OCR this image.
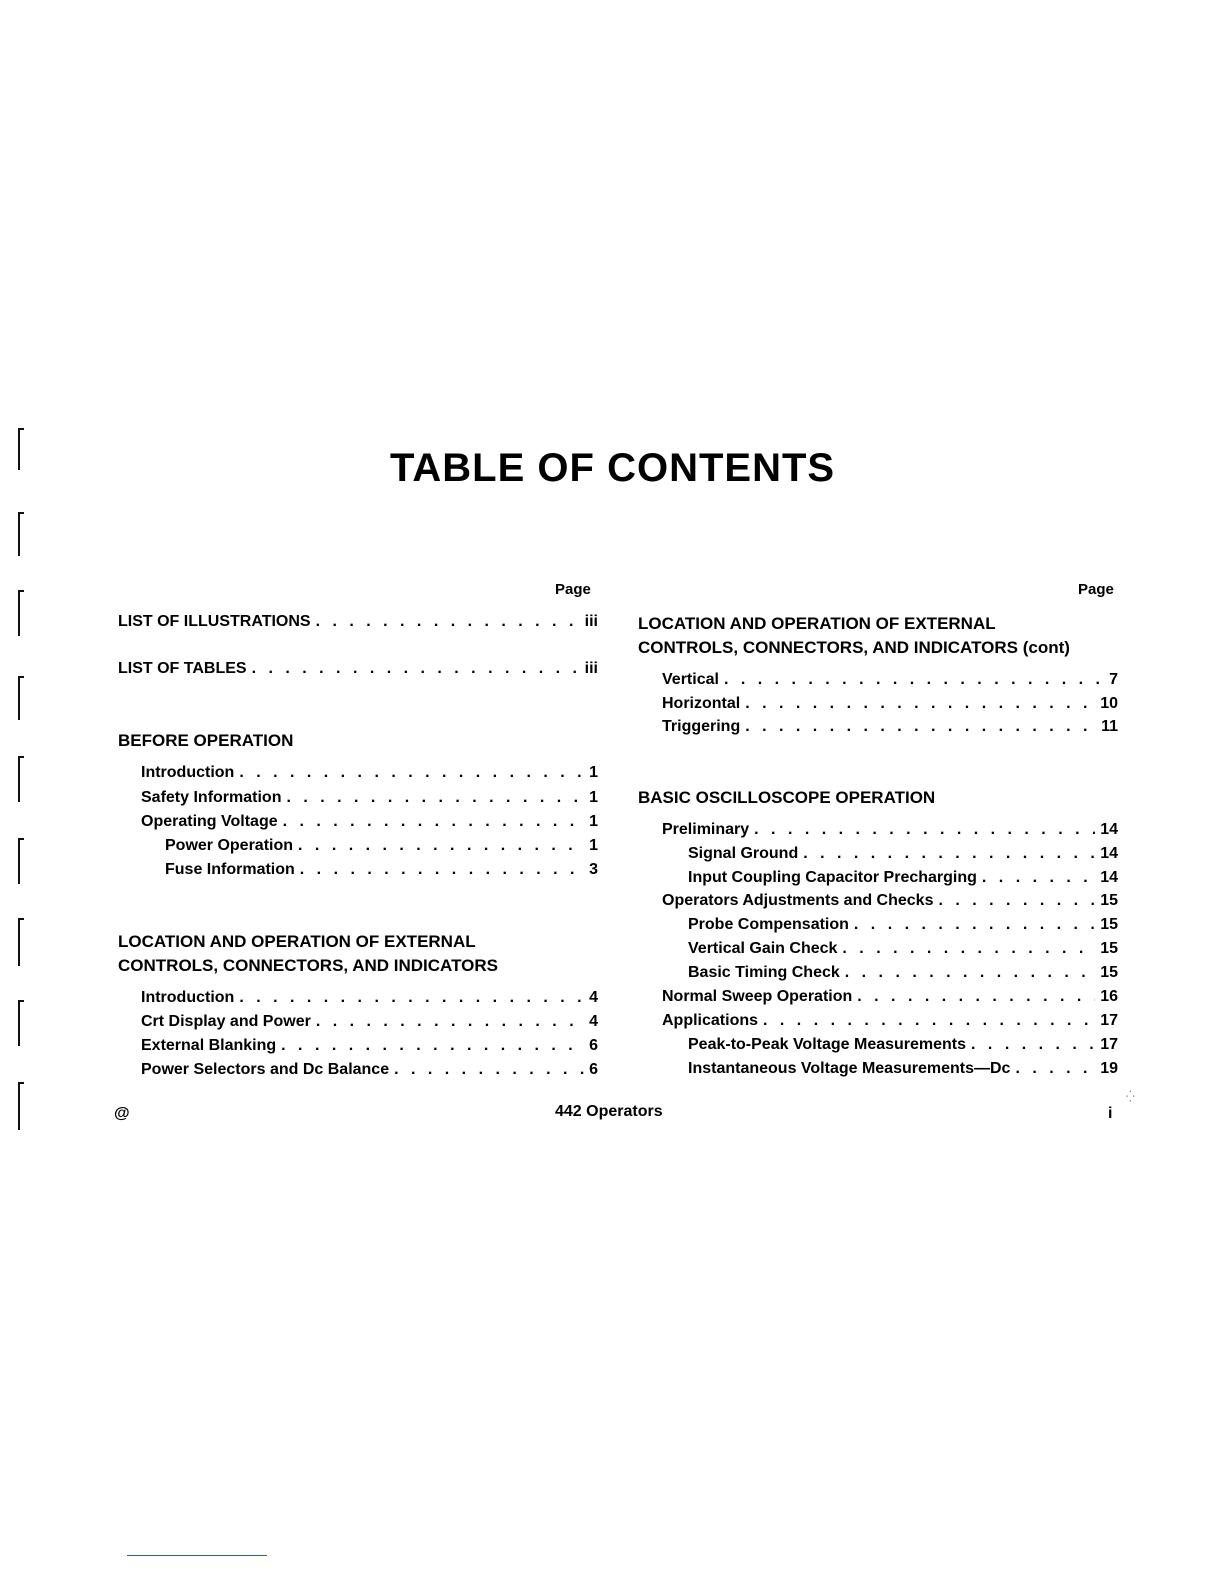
TABLE OF CONTENTS
Page	Page
LIST OF ILLUSTRATIONS . . .	iii
LIST OF TABLES . . .	iii
BEFORE OPERATION
Introduction . . .	1
Safety Information . . .	1
Operating Voltage . . .	1
Power Operation . . .	1
Fuse Information . . .	3
LOCATION AND OPERATION OF EXTERNAL
CONTROLS, CONNECTORS, AND INDICATORS
Introduction . . .	4
Crt Display and Power . . .	4
External Blanking . . .	6
Power Selectors and Dc Balance . . .	6
LOCATION AND OPERATION OF EXTERNAL
CONTROLS, CONNECTORS, AND INDICATORS (cont)
Vertical . . .	7
Horizontal . . .	10
Triggering . . .	11
BASIC OSCILLOSCOPE OPERATION
Preliminary . . .	14
Signal Ground . . .	14
Input Coupling Capacitor Precharging . . .	14
Operators Adjustments and Checks . . .	15
Probe Compensation . . .	15
Vertical Gain Check . . .	15
Basic Timing Check . . .	15
Normal Sweep Operation . . .	16
Applications . . .	17
Peak-to-Peak Voltage Measurements . . .	17
Instantaneous Voltage Measurements—Dc . . .	19
@	442 Operators	i
⁛
